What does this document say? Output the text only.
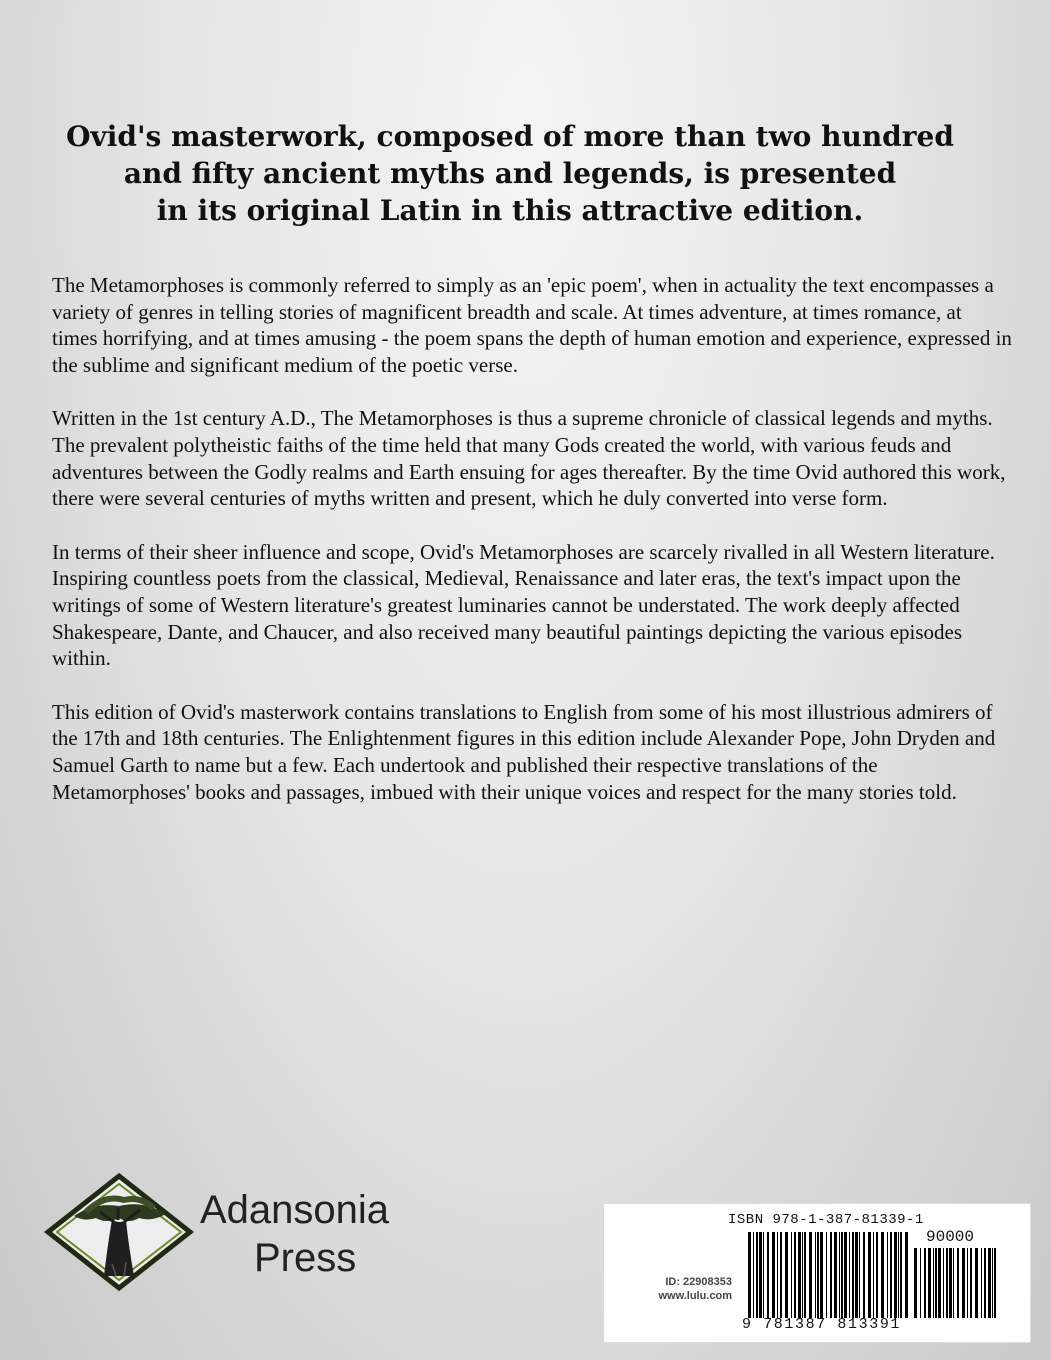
Ovid's masterwork, composed of more than two hundred
and fifty ancient myths and legends, is presented
in its original Latin in this attractive edition.

The Metamorphoses is commonly referred to simply as an 'epic poem', when in actuality the text encompasses a variety of genres in telling stories of magnificent breadth and scale. At times adventure, at times romance, at times horrifying, and at times amusing - the poem spans the depth of human emotion and experience, expressed in the sublime and significant medium of the poetic verse.

Written in the 1st century A.D., The Metamorphoses is thus a supreme chronicle of classical legends and myths. The prevalent polytheistic faiths of the time held that many Gods created the world, with various feuds and adventures between the Godly realms and Earth ensuing for ages thereafter. By the time Ovid authored this work, there were several centuries of myths written and present, which he duly converted into verse form.

In terms of their sheer influence and scope, Ovid's Metamorphoses are scarcely rivalled in all Western literature. Inspiring countless poets from the classical, Medieval, Renaissance and later eras, the text's impact upon the writings of some of Western literature's greatest luminaries cannot be understated. The work deeply affected Shakespeare, Dante, and Chaucer, and also received many beautiful paintings depicting the various episodes within.

This edition of Ovid's masterwork contains translations to English from some of his most illustrious admirers of the 17th and 18th centuries. The Enlightenment figures in this edition include Alexander Pope, John Dryden and Samuel Garth to name but a few. Each undertook and published their respective translations of the Metamorphoses' books and passages, imbued with their unique voices and respect for the many stories told.

Adansonia
Press
ISBN 978-1-387-81339-1
90000
ID: 22908353
www.lulu.com
9 781387 813391
